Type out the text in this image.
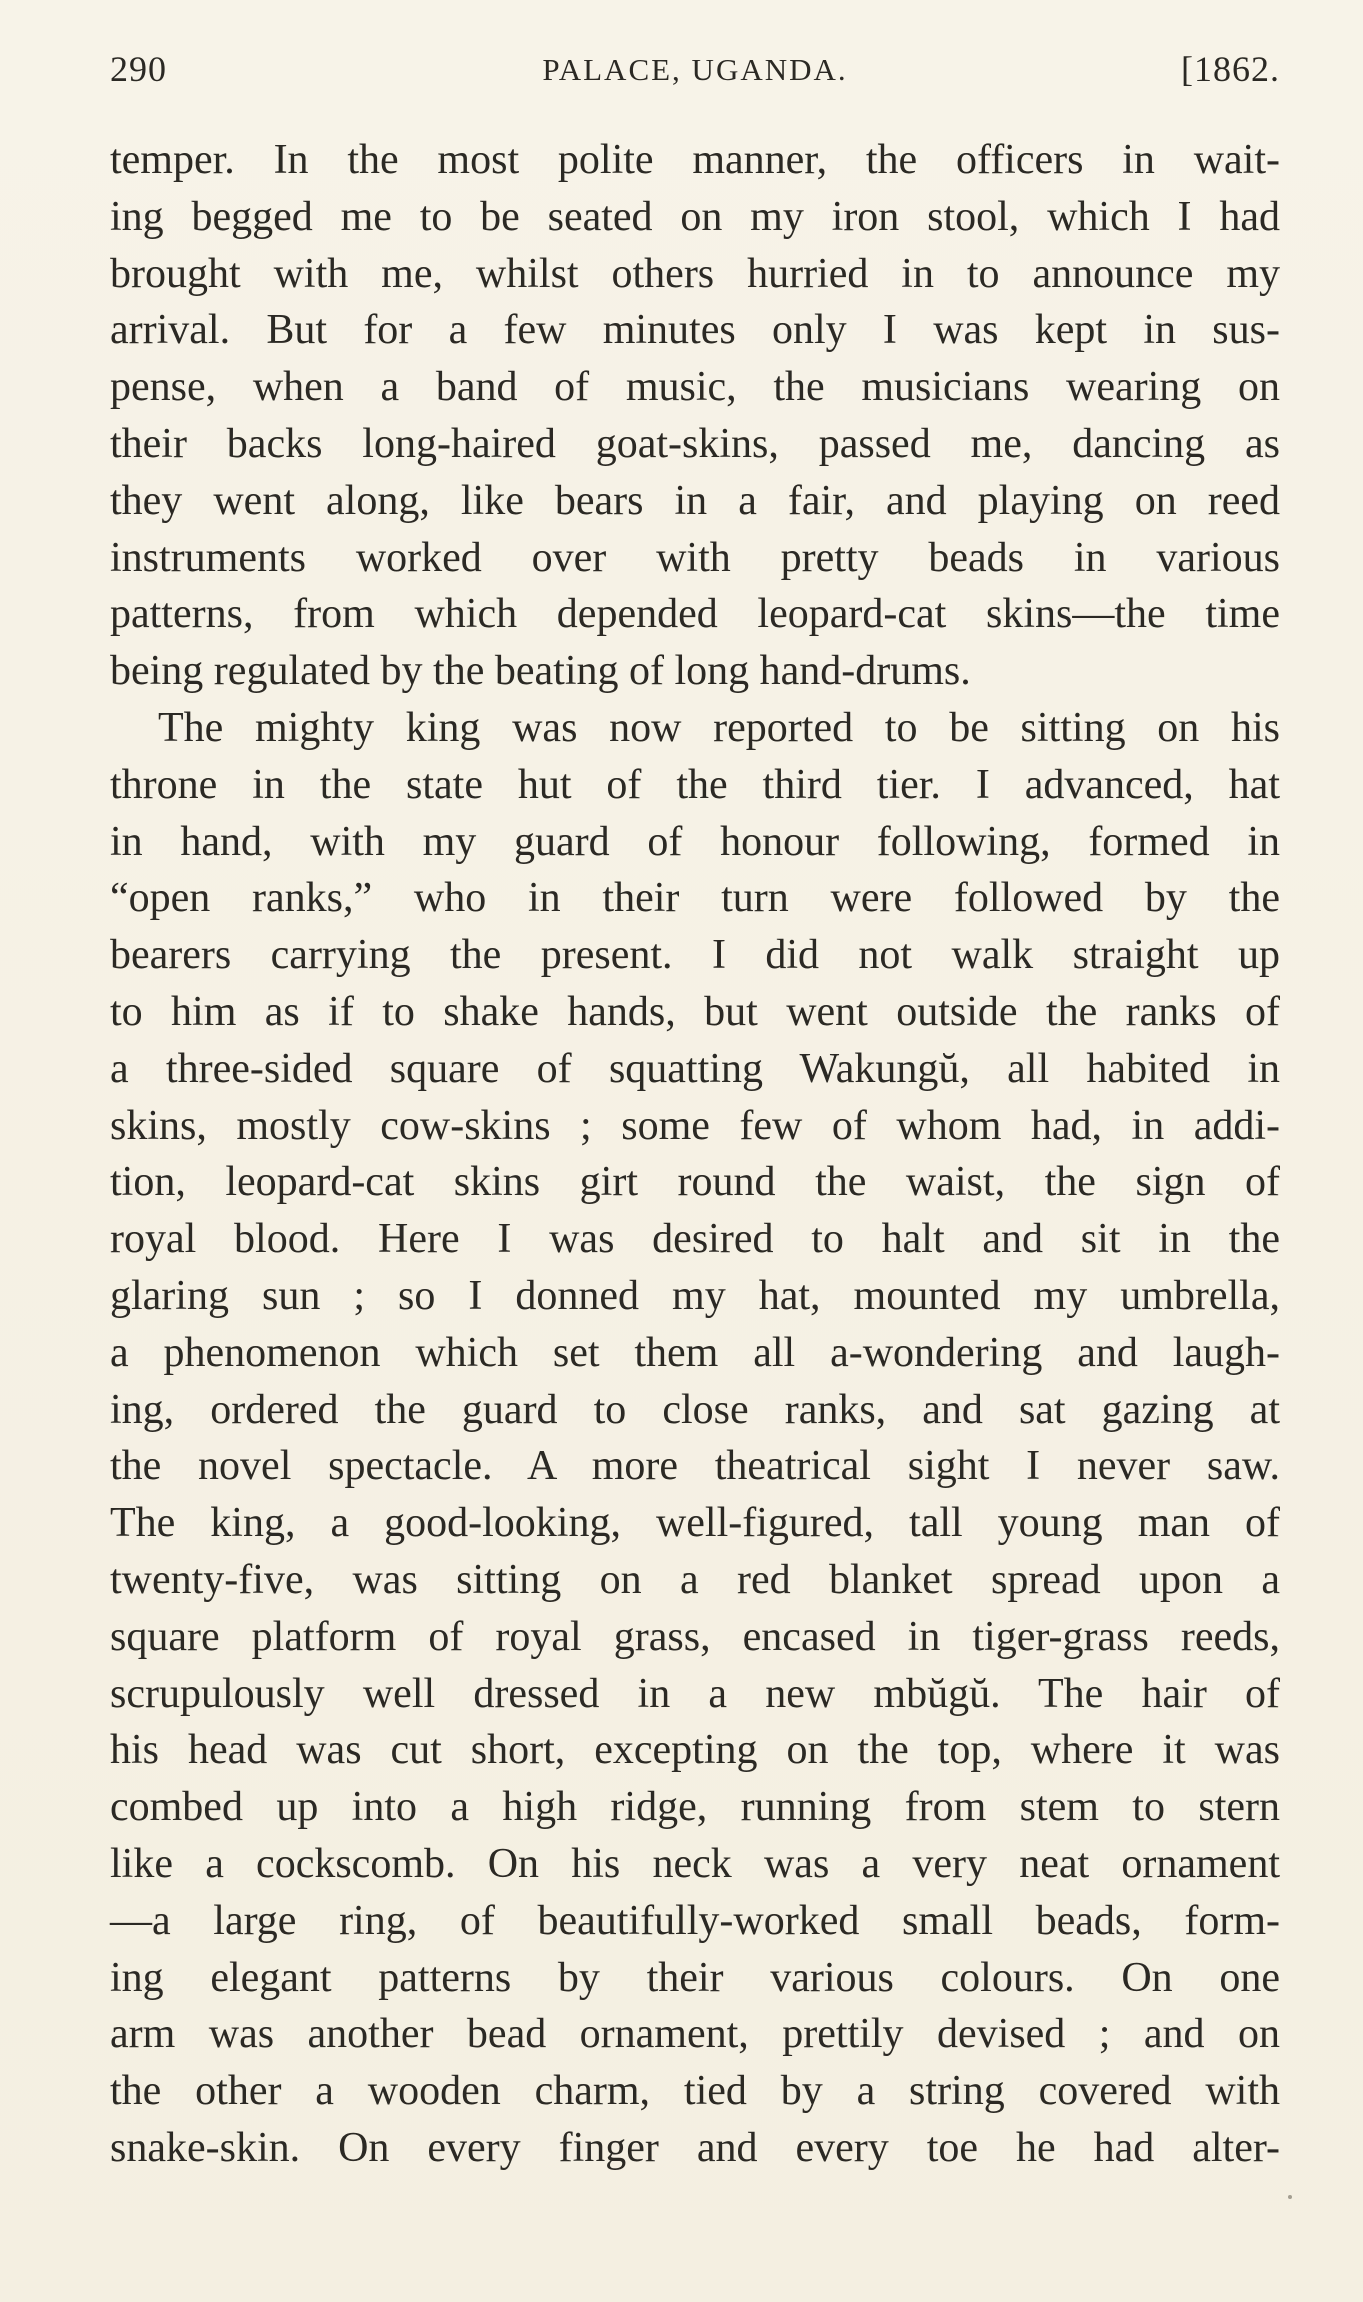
290	PALACE, UGANDA.	[1862.
temper. In the most polite manner, the officers in wait-
ing begged me to be seated on my iron stool, which I had
brought with me, whilst others hurried in to announce my
arrival. But for a few minutes only I was kept in sus-
pense, when a band of music, the musicians wearing on
their backs long-haired goat-skins, passed me, dancing as
they went along, like bears in a fair, and playing on reed
instruments worked over with pretty beads in various
patterns, from which depended leopard-cat skins—the time
being regulated by the beating of long hand-drums.
The mighty king was now reported to be sitting on his
throne in the state hut of the third tier. I advanced, hat
in hand, with my guard of honour following, formed in
“open ranks,” who in their turn were followed by the
bearers carrying the present. I did not walk straight up
to him as if to shake hands, but went outside the ranks of
a three-sided square of squatting Wakungŭ, all habited in
skins, mostly cow-skins ; some few of whom had, in addi-
tion, leopard-cat skins girt round the waist, the sign of
royal blood. Here I was desired to halt and sit in the
glaring sun ; so I donned my hat, mounted my umbrella,
a phenomenon which set them all a-wondering and laugh-
ing, ordered the guard to close ranks, and sat gazing at
the novel spectacle. A more theatrical sight I never saw.
The king, a good-looking, well-figured, tall young man of
twenty-five, was sitting on a red blanket spread upon a
square platform of royal grass, encased in tiger-grass reeds,
scrupulously well dressed in a new mbŭgŭ. The hair of
his head was cut short, excepting on the top, where it was
combed up into a high ridge, running from stem to stern
like a cockscomb. On his neck was a very neat ornament
—a large ring, of beautifully-worked small beads, form-
ing elegant patterns by their various colours. On one
arm was another bead ornament, prettily devised ; and on
the other a wooden charm, tied by a string covered with
snake-skin. On every finger and every toe he had alter-
